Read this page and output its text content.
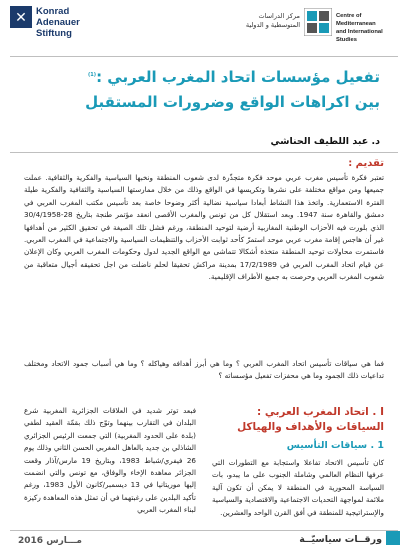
✕ Konrad
Adenauer
Stiftung
مركز الدراسات
المتوسطية و الدولية
Centre of Mediterranean
and International Studies
تفعيل مؤسسات اتحاد المغرب العربي :$^{(1)}$
بين اكراهات الواقع وضرورات المستقبل
د. عبد اللطيف الحناشي
تقديم :
تعتبر فكرة تأسيس مغرب عربي موحد فكرة متجذّرة لدى شعوب المنطقة ونخبها السياسية والفكرية والثقافية. عملت جميعها ومن مواقع مختلفة على نشرها وتكريسها في الواقع وذلك من خلال ممارستها السياسية والثقافية والفكرية طيلة الفترة الاستعمارية. واتخذ هذا النشاط أبعادا سياسية نضالية أكثر وضوحا خاصة بعد تأسيس مكتب المغرب العربي في دمشق والقاهرة سنة 1947. وبعد استقلال كل من تونس والمغرب الأقصى انعقد مؤتمر طنجة بتاريخ 28-30/4/1958 الذي بلورت فيه الأحزاب الوطنية المغاربية أرضية لتوحيد المنطقة، ورغم فشل تلك الصيغة في تحقيق الكثير من أهدافها غير أن هاجس إقامة مغرب عربي موحد استمرّ كأحد ثوابت الأحزاب والتنظيمات السياسية والاجتماعية في المغرب العربي. فاستمرت محاولات توحيد المنطقة متخذة أشكالا تتماشى مع الواقع الجديد لدول وحكومات المغرب العربي وكان الإعلان عن قيام اتحاد المغرب العربي في 17/2/1989 بمدينة مراكش تحقيقا لحلم ناضلت من اجل تحقيقه أجيال متعاقبة من شعوب المغرب العربي وحرصت به جميع الأطراف الإقليمية.
فما هي سياقات تأسيس اتحاد المغرب العربي ؟ وما هي أبرز أهدافه وهياكله ؟ وما هي أسباب جمود الاتحاد ومختلف تداعيات ذلك الجمود وما هي محفزات تفعيل مؤسساته ؟
I . اتحاد المغرب العربي : السياقات والأهداف والهياكل
1 . سياقات التأسيس
كان تأسيس الاتحاد تفاعلا واستجابة مع التطورات التي عرفها النظام العالمي وشاملة الجنوب على ما يبدو، بات السياسة المحورية في المنطقة لا يمكن أن تكون آلية ملائمة لمواجهة التحديات الاجتماعية والاقتصادية والسياسية والإستراتيجية للمنطقة في أفق القرن الواحد والعشرين.
فبعد توتر شديد في العلاقات الجزائرية المغربية شرع البلدان في التقارب بينهما وتوّج ذلك بقمّة العقيد لطفي (بلدة على الحدود المغربية) التي جمعت الرئيس الجزائري الشاذلي بن جديد بالعاهل المغربي الحسن الثاني وذلك يوم 26 فيفري/شباط 1983، وبتاريخ 19 مارس/آذار وقعت الجزائر معاهدة الإخاء والوفاق، مع تونس والتي انضمت إليها موريتانيا في 13 ديسمبر/كانون الأول 1983، ورغم تأكيد البلدين على رغبتهما في أن تمثل هذه المعاهدة ركيزة لبناء المغرب العربي
مـــارس 2016	ورقــات سياسيّــة
